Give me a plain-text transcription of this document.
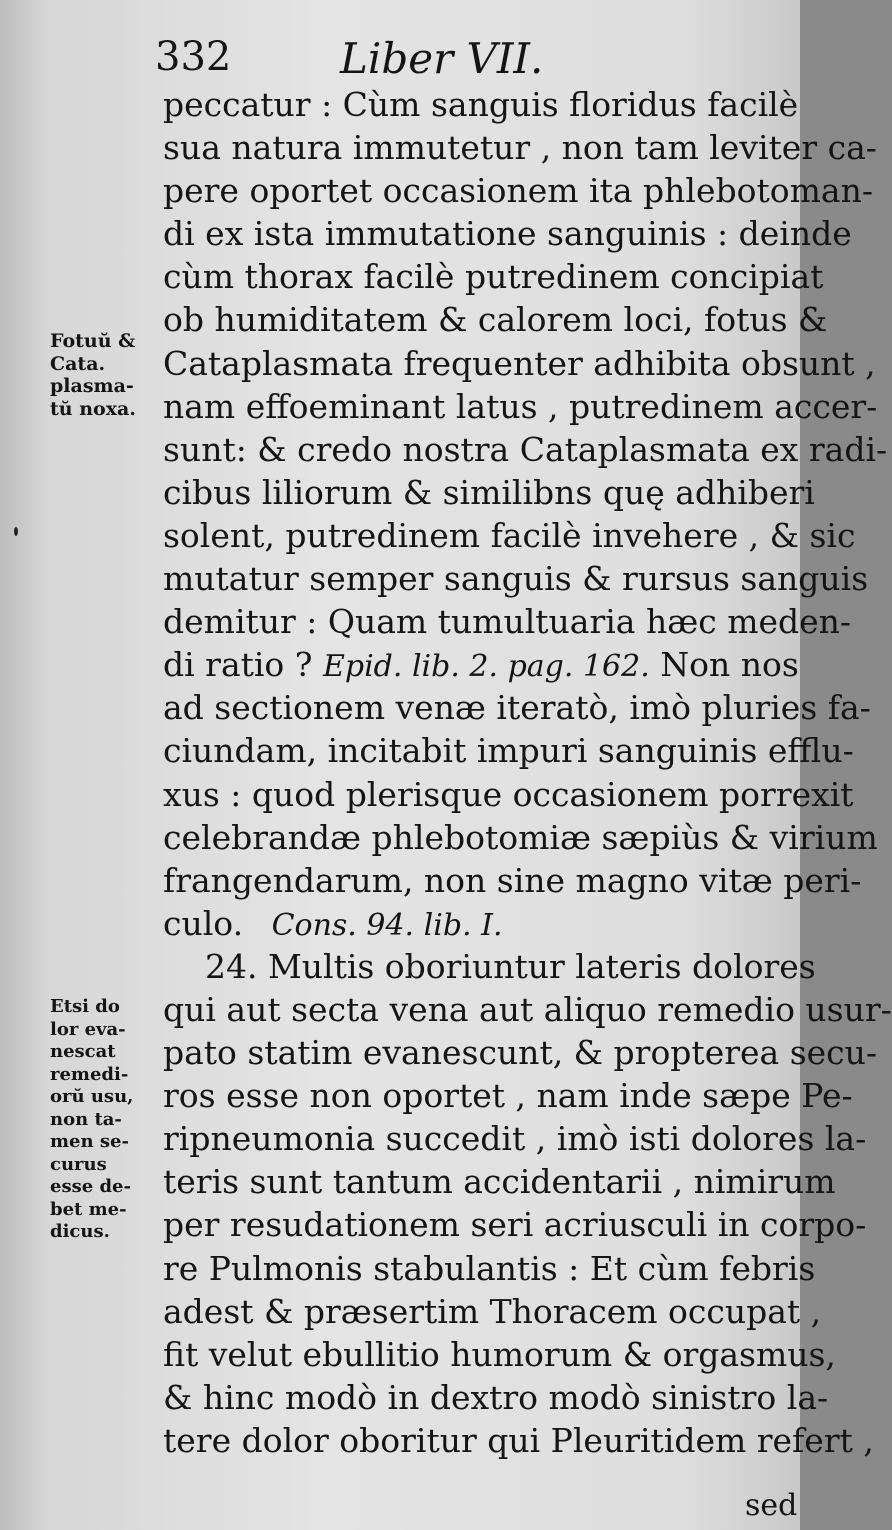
332	Liber VII.
Fotuŭ &
Cata.
plasma-
tŭ noxa.
Etsi do
lor eva-
nescat
remedi-
orŭ usu,
non ta-
men se-
curus
esse de-
bet me-
dicus.
peccatur : Cùm sanguis floridus facilè
sua natura immutetur , non tam leviter ca-
pere oportet occasionem ita phlebotoman-
di ex ista immutatione sanguinis : deinde
cùm thorax facilè putredinem concipiat
ob humiditatem & calorem loci, fotus &
Cataplasmata frequenter adhibita obsunt ,
nam effoeminant latus , putredinem accer-
sunt: & credo nostra Cataplasmata ex radi-
cibus liliorum & similibns quę adhiberi
solent, putredinem facilè invehere , & sic
mutatur semper sanguis & rursus sanguis
demitur : Quam tumultuaria hæc meden-
di ratio ? Epid. lib. 2. pag. 162. Non nos
ad sectionem venæ iteratò, imò pluries fa-
ciundam, incitabit impuri sanguinis efflu-
xus : quod plerisque occasionem porrexit
celebrandæ phlebotomiæ sæpiùs & virium
frangendarum, non sine magno vitæ peri-
culo. Cons. 94. lib. I.
24. Multis oboriuntur lateris dolores
qui aut secta vena aut aliquo remedio usur-
pato statim evanescunt, & propterea secu-
ros esse non oportet , nam inde sæpe Pe-
ripneumonia succedit , imò isti dolores la-
teris sunt tantum accidentarii , nimirum
per resudationem seri acriusculi in corpo-
re Pulmonis stabulantis : Et cùm febris
adest & præsertim Thoracem occupat ,
fit velut ebullitio humorum & orgasmus,
& hinc modò in dextro modò sinistro la-
tere dolor oboritur qui Pleuritidem refert ,
sed
